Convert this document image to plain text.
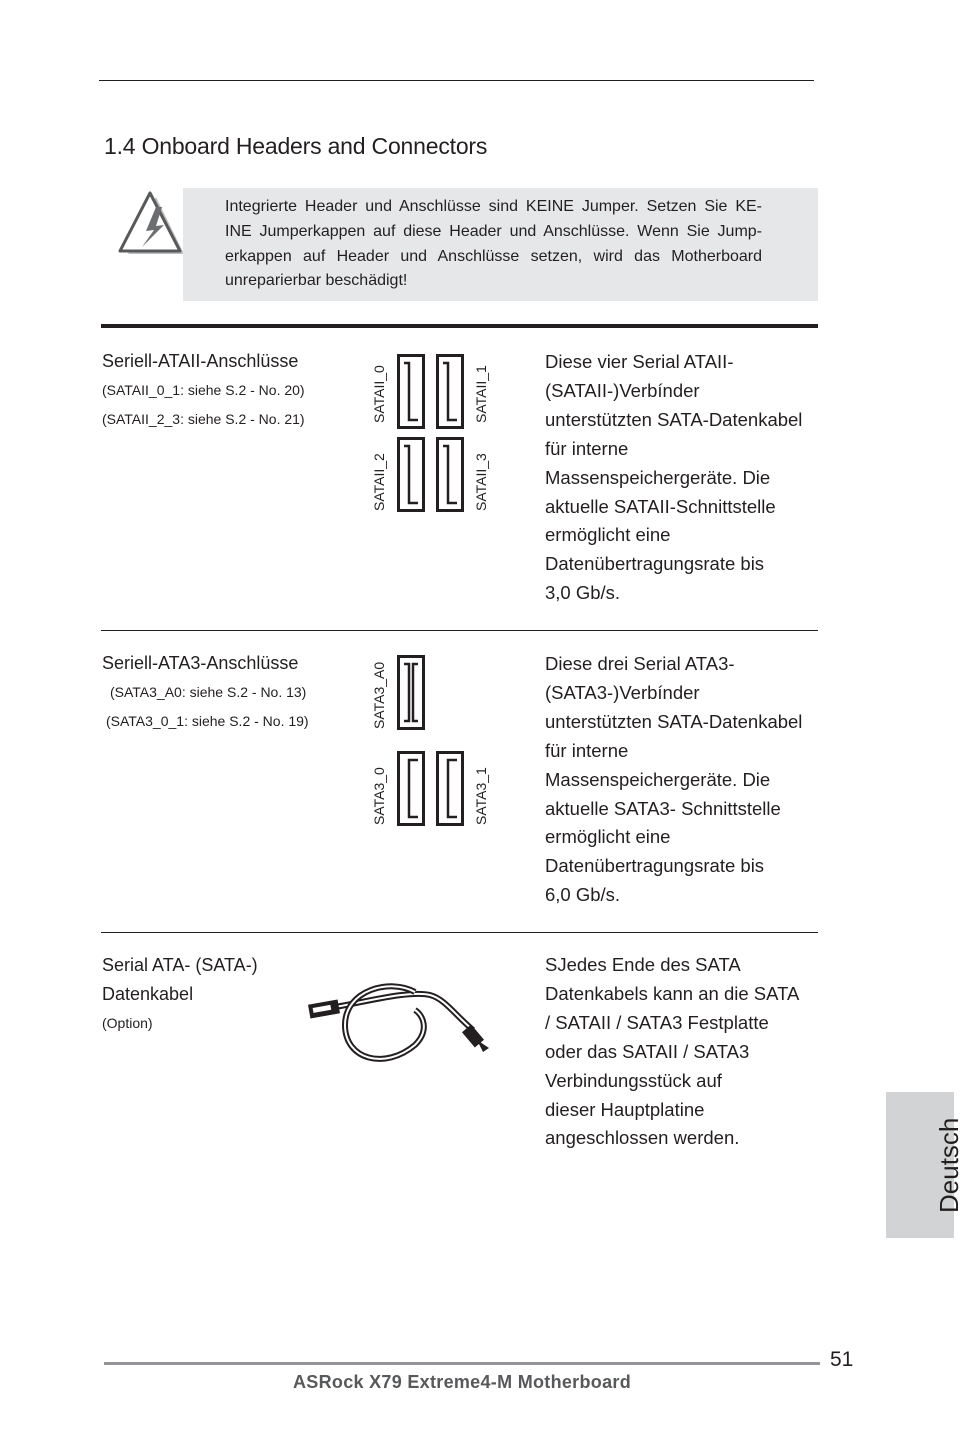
1.4 Onboard Headers and Connectors
Integrierte Header und Anschlüsse sind KEINE Jumper. Setzen Sie KE-
INE Jumperkappen auf diese Header und Anschlüsse. Wenn Sie Jump-
erkappen auf Header und Anschlüsse setzen, wird das Motherboard
unreparierbar beschädigt!
Seriell-ATAII-Anschlüsse
(SATAII_0_1: siehe S.2 - No. 20)
(SATAII_2_3: siehe S.2 - No. 21)	SATAII_0	SATAII_1
SATAII_2	SATAII_3
Diese vier Serial ATAII-
(SATAII-)Verbínder
unterstützten SATA-Datenkabel
für interne
Massenspeichergeräte. Die
aktuelle SATAII-Schnittstelle
ermöglicht eine
Datenübertragungsrate bis
3,0 Gb/s.
Seriell-ATA3-Anschlüsse
(SATA3_A0: siehe S.2 - No. 13)
(SATA3_0_1: siehe S.2 - No. 19)	SATA3_A0
SATA3_0	SATA3_1
Diese drei Serial ATA3-
(SATA3-)Verbínder
unterstützten SATA-Datenkabel
für interne
Massenspeichergeräte. Die
aktuelle SATA3- Schnittstelle
ermöglicht eine
Datenübertragungsrate bis
6,0 Gb/s.
Serial ATA- (SATA-)
Datenkabel
(Option)
SJedes Ende des SATA
Datenkabels kann an die SATA
/ SATAII / SATA3 Festplatte
oder das SATAII / SATA3
Verbindungsstück auf
dieser Hauptplatine
angeschlossen werden.	Deutsch
51
ASRock X79 Extreme4-M Motherboard
